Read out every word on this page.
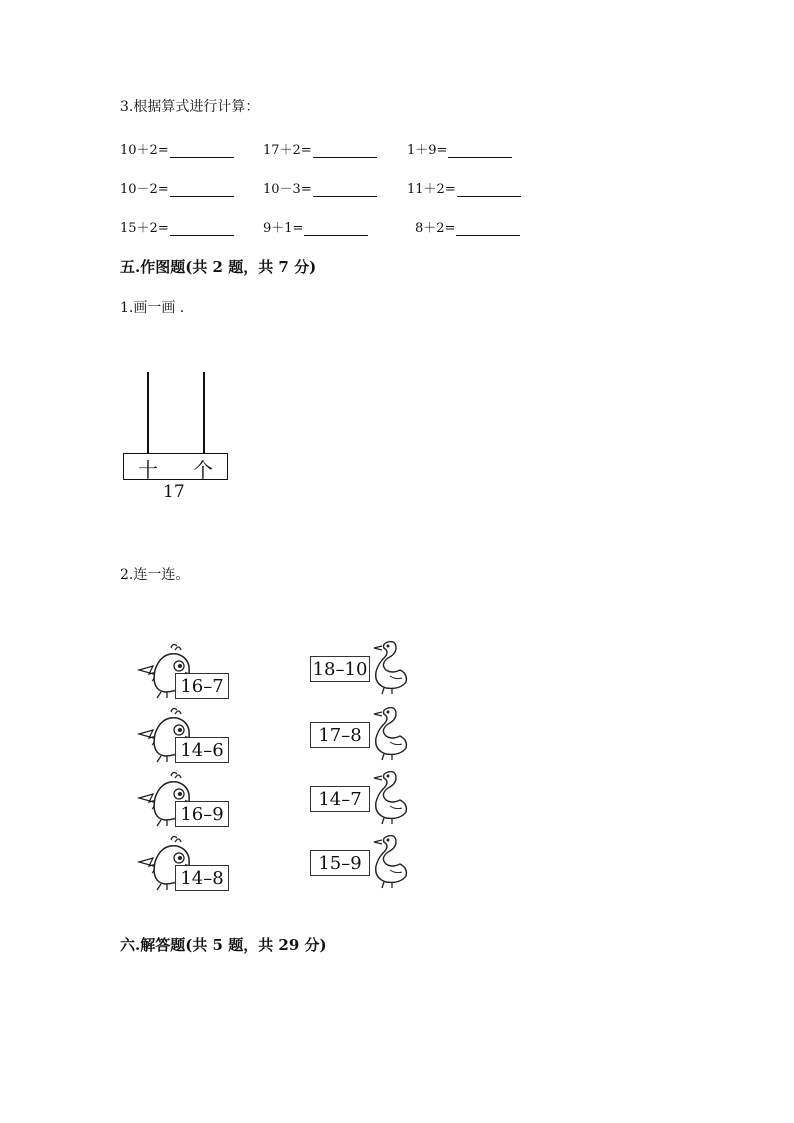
3.根据算式进行计算：
10＋2=	17＋2=	1＋9=
10－2=	10－3=	11＋2=
15＋2=	9＋1=	8＋2=
五.作图题(共 2 题，共 7 分)
1.画一画 .
十 个
17
2.连一连。
16–7
14–6
16–9
14–8
18–10
17–8
14–7
15–9
六.解答题(共 5 题，共 29 分)
